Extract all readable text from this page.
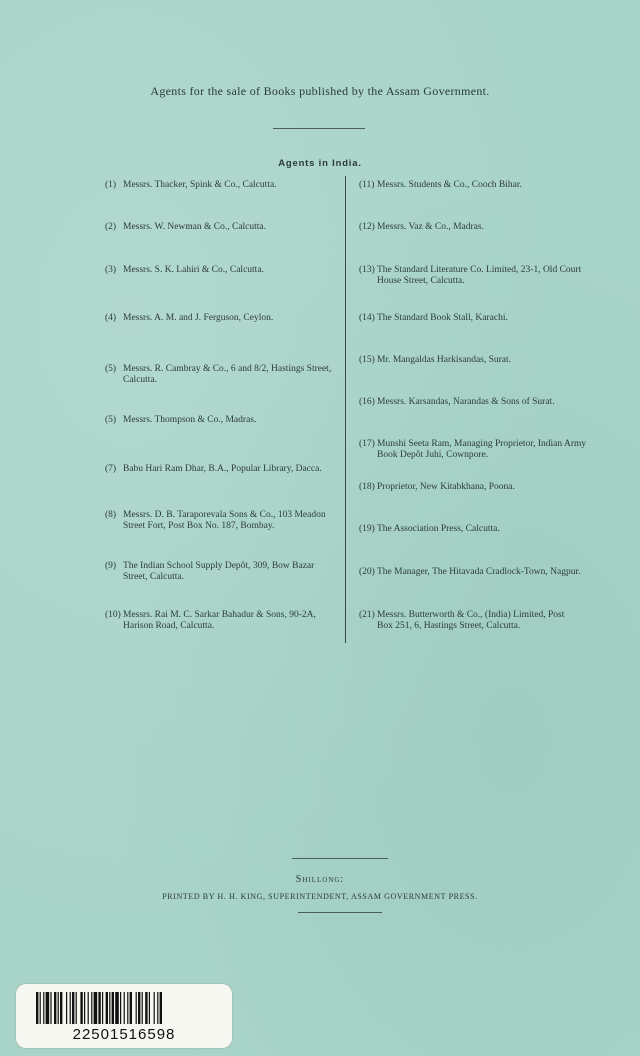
Agents for the sale of Books published by the Assam Government.
Agents in India.
(1) Messrs. Thacker, Spink & Co., Calcutta.
(2) Messrs. W. Newman & Co., Calcutta.
(3) Messrs. S. K. Lahiri & Co., Calcutta.
(4) Messrs. A. M. and J. Ferguson, Ceylon.
(5) Messrs. R. Cambray & Co., 6 and 8/2, Hastings Street,
Calcutta.
(5) Messrs. Thompson & Co., Madras.
(7) Babu Hari Ram Dhar, B.A., Popular Library, Dacca.
(8) Messrs. D. B. Taraporevala Sons & Co., 103 Meadon
Street Fort, Post Box No. 187, Bombay.
(9) The Indian School Supply Depôt, 309, Bow Bazar
Street, Calcutta.
(10) Messrs. Rai M. C. Sarkar Bahadur & Sons, 90-2A,
Harison Road, Calcutta.
(11) Messrs. Students & Co., Cooch Bihar.
(12) Messrs. Vaz & Co., Madras.
(13) The Standard Literature Co. Limited, 23-1, Old Court
House Street, Calcutta.
(14) The Standard Book Stall, Karachi.
(15) Mr. Mangaldas Harkisandas, Surat.
(16) Messrs. Karsandas, Narandas & Sons of Surat.
(17) Munshi Seeta Ram, Managing Proprietor, Indian Army
Book Depôt Juhi, Cownpore.
(18) Proprietor, New Kitabkhana, Poona.
(19) The Association Press, Calcutta.
(20) The Manager, The Hitavada Cradlock-Town, Nagpur.
(21) Messrs. Butterworth & Co., (India) Limited, Post
Box 251, 6, Hastings Street, Calcutta.
Shillong:
PRINTED BY H. H. KING, SUPERINTENDENT, ASSAM GOVERNMENT PRESS.
22501516598
